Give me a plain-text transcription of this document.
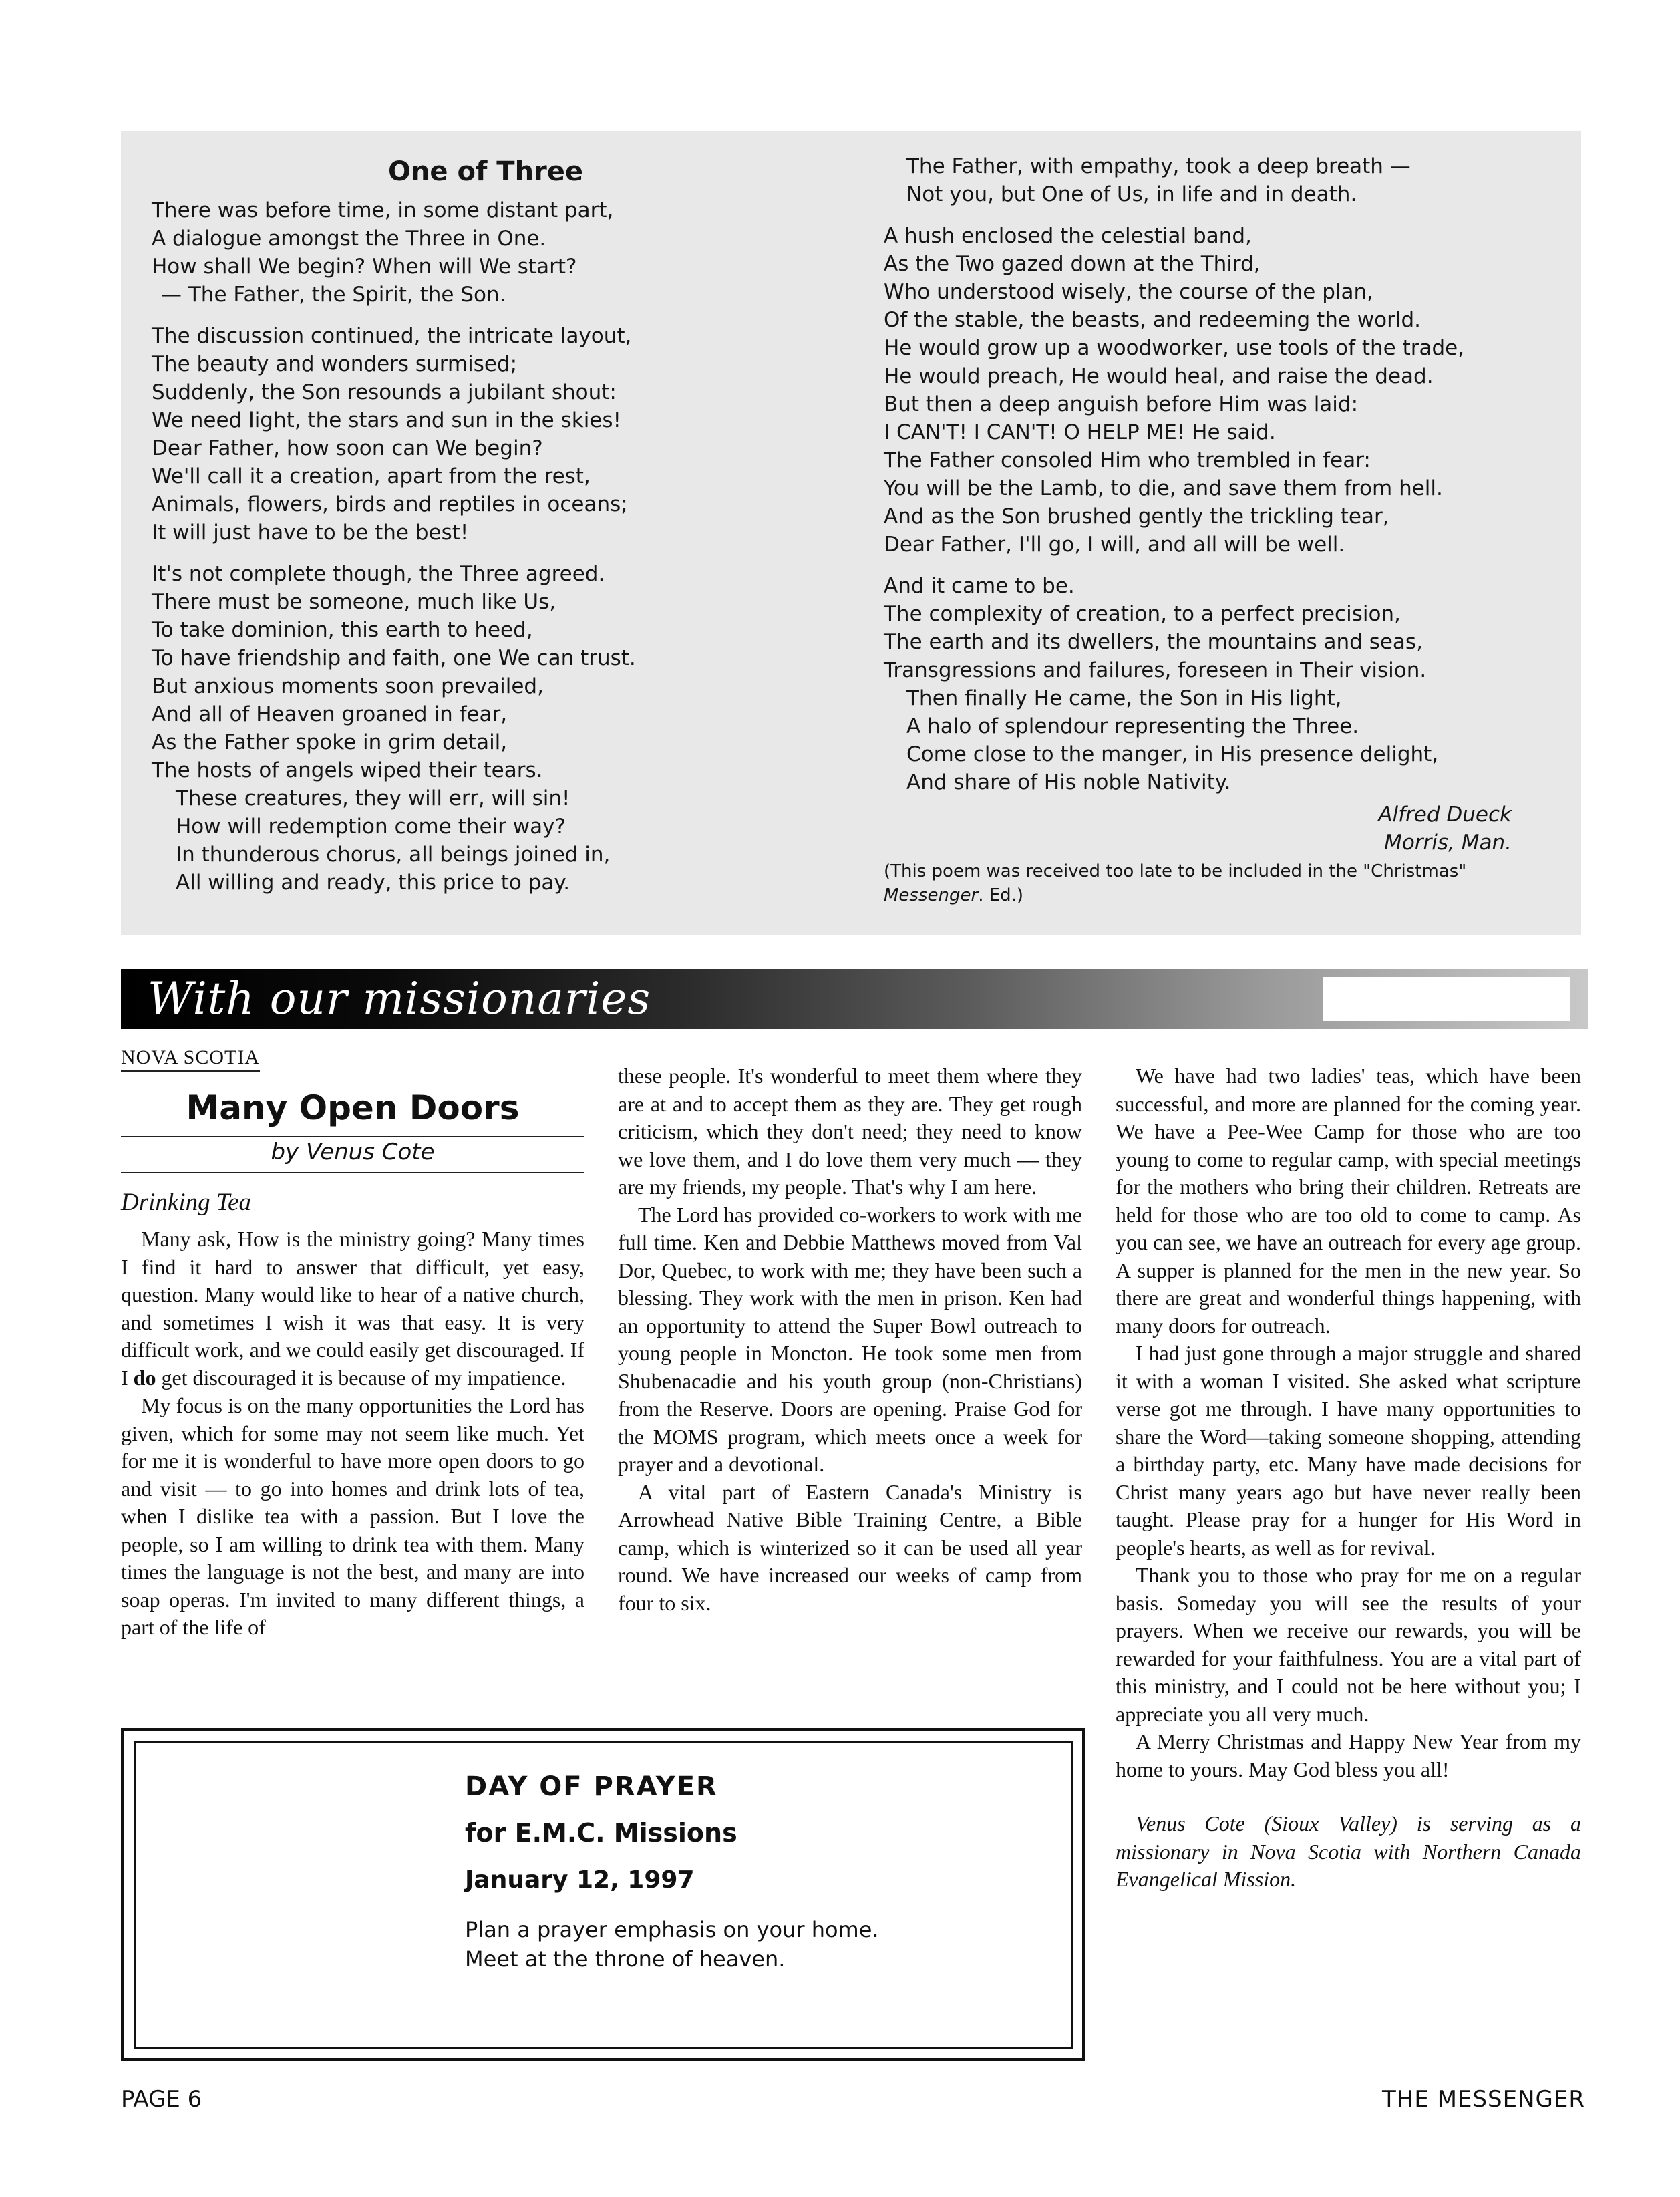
One of Three
There was before time, in some distant part,
A dialogue amongst the Three in One.
How shall We begin? When will We start?
— The Father, the Spirit, the Son.
The discussion continued, the intricate layout,
The beauty and wonders surmised;
Suddenly, the Son resounds a jubilant shout:
We need light, the stars and sun in the skies!
Dear Father, how soon can We begin?
We'll call it a creation, apart from the rest,
Animals, flowers, birds and reptiles in oceans;
It will just have to be the best!
It's not complete though, the Three agreed.
There must be someone, much like Us,
To take dominion, this earth to heed,
To have friendship and faith, one We can trust.
But anxious moments soon prevailed,
And all of Heaven groaned in fear,
As the Father spoke in grim detail,
The hosts of angels wiped their tears.
These creatures, they will err, will sin!
How will redemption come their way?
In thunderous chorus, all beings joined in,
All willing and ready, this price to pay.
The Father, with empathy, took a deep breath —
Not you, but One of Us, in life and in death.
A hush enclosed the celestial band,
As the Two gazed down at the Third,
Who understood wisely, the course of the plan,
Of the stable, the beasts, and redeeming the world.
He would grow up a woodworker, use tools of the trade,
He would preach, He would heal, and raise the dead.
But then a deep anguish before Him was laid:
I CAN'T! I CAN'T! O HELP ME! He said.
The Father consoled Him who trembled in fear:
You will be the Lamb, to die, and save them from hell.
And as the Son brushed gently the trickling tear,
Dear Father, I'll go, I will, and all will be well.
And it came to be.
The complexity of creation, to a perfect precision,
The earth and its dwellers, the mountains and seas,
Transgressions and failures, foreseen in Their vision.
Then finally He came, the Son in His light,
A halo of splendour representing the Three.
Come close to the manger, in His presence delight,
And share of His noble Nativity.
Alfred Dueck
Morris, Man.
(This poem was received too late to be included in the "Christmas"
Messenger. Ed.)
With our missionaries
NOVA SCOTIA
Many Open Doors
by Venus Cote
Drinking Tea

Many ask, How is the ministry going? Many times I find it hard to answer that difficult, yet easy, question. Many would like to hear of a native church, and sometimes I wish it was that easy. It is very difficult work, and we could easily get discouraged. If I do get discouraged it is because of my impatience.

My focus is on the many opportunities the Lord has given, which for some may not seem like much. Yet for me it is wonderful to have more open doors to go and visit — to go into homes and drink lots of tea, when I dislike tea with a passion. But I love the people, so I am willing to drink tea with them. Many times the language is not the best, and many are into soap operas. I'm invited to many different things, a part of the life of

these people. It's wonderful to meet them where they are at and to accept them as they are. They get rough criticism, which they don't need; they need to know we love them, and I do love them very much — they are my friends, my people. That's why I am here.

The Lord has provided co-workers to work with me full time. Ken and Debbie Matthews moved from Val Dor, Quebec, to work with me; they have been such a blessing. They work with the men in prison. Ken had an opportunity to attend the Super Bowl outreach to young people in Moncton. He took some men from Shubenacadie and his youth group (non-Christians) from the Reserve. Doors are opening. Praise God for the MOMS program, which meets once a week for prayer and a devotional.

A vital part of Eastern Canada's Ministry is Arrowhead Native Bible Training Centre, a Bible camp, which is winterized so it can be used all year round. We have increased our weeks of camp from four to six.

We have had two ladies' teas, which have been successful, and more are planned for the coming year. We have a Pee-Wee Camp for those who are too young to come to regular camp, with special meetings for the mothers who bring their children. Retreats are held for those who are too old to come to camp. As you can see, we have an outreach for every age group. A supper is planned for the men in the new year. So there are great and wonderful things happening, with many doors for outreach.

I had just gone through a major struggle and shared it with a woman I visited. She asked what scripture verse got me through. I have many opportunities to share the Word—taking someone shopping, attending a birthday party, etc. Many have made decisions for Christ many years ago but have never really been taught. Please pray for a hunger for His Word in people's hearts, as well as for revival.

Thank you to those who pray for me on a regular basis. Someday you will see the results of your prayers. When we receive our rewards, you will be rewarded for your faithfulness. You are a vital part of this ministry, and I could not be here without you; I appreciate you all very much.

A Merry Christmas and Happy New Year from my home to yours. May God bless you all!

Venus Cote (Sioux Valley) is serving as a missionary in Nova Scotia with Northern Canada Evangelical Mission.

DAY OF PRAYER
for E.M.C. Missions
January 12, 1997
Plan a prayer emphasis on your home. Meet at the throne of heaven.
PAGE 6	THE MESSENGER
